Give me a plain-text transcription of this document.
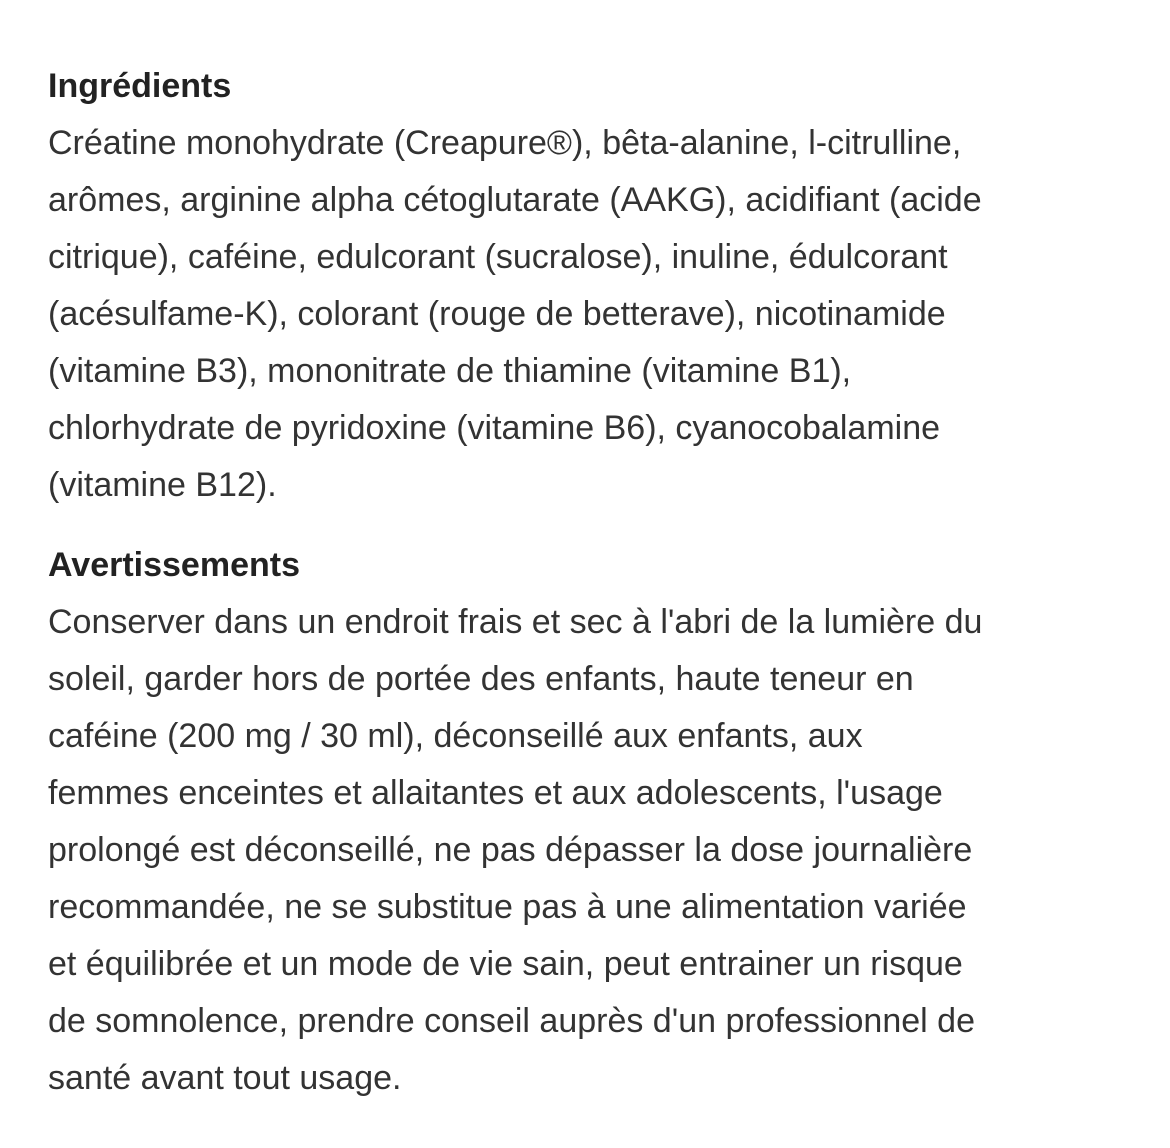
Ingrédients
Créatine monohydrate (Creapure®), bêta-alanine, l-citrulline,
arômes, arginine alpha cétoglutarate (AAKG), acidifiant (acide
citrique), caféine, edulcorant (sucralose), inuline, édulcorant
(acésulfame-K), colorant (rouge de betterave), nicotinamide
(vitamine B3), mononitrate de thiamine (vitamine B1),
chlorhydrate de pyridoxine (vitamine B6), cyanocobalamine
(vitamine B12).
Avertissements
Conserver dans un endroit frais et sec à l'abri de la lumière du
soleil, garder hors de portée des enfants, haute teneur en
caféine (200 mg / 30 ml), déconseillé aux enfants, aux
femmes enceintes et allaitantes et aux adolescents, l'usage
prolongé est déconseillé, ne pas dépasser la dose journalière
recommandée, ne se substitue pas à une alimentation variée
et équilibrée et un mode de vie sain, peut entrainer un risque
de somnolence, prendre conseil auprès d'un professionnel de
santé avant tout usage.
